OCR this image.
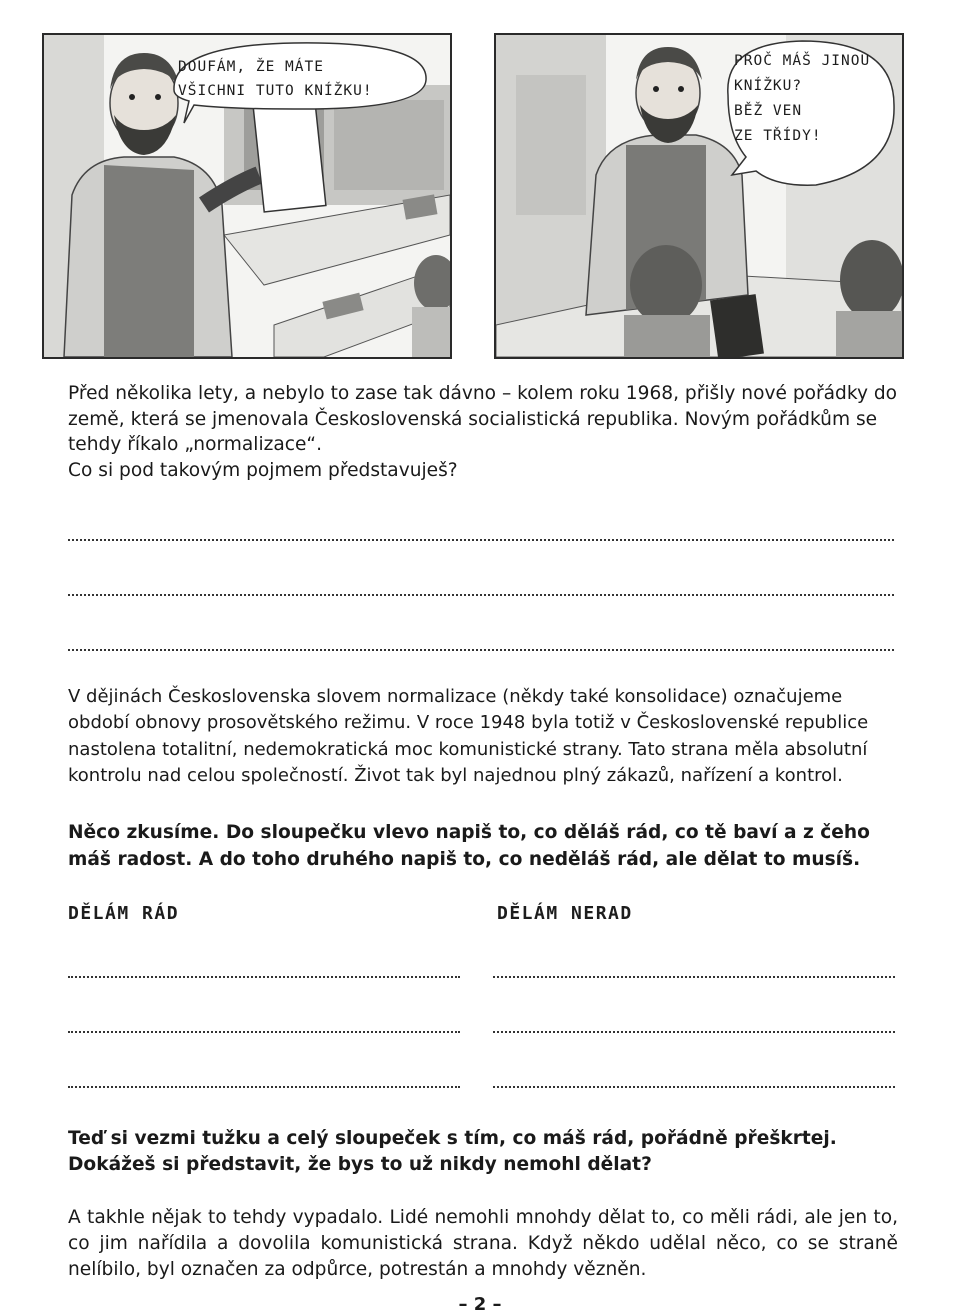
DOUFÁM, ŽE MÁTE
VŠICHNI TUTO KNÍŽKU!
PROČ MÁŠ JINOU
KNÍŽKU?
BĚŽ VEN
ZE TŘÍDY!

Před několika lety, a nebylo to zase tak dávno – kolem roku 1968, přišly nové pořádky do země, která se jmenovala Československá socialistická republika. Novým pořádkům se tehdy říkalo „normalizace“.

Co si pod takovým pojmem představuješ?

V dějinách Československa slovem normalizace (někdy také konsolidace) označujeme období obnovy prosovětského režimu. V roce 1948 byla totiž v Československé republice nastolena totalitní, nedemokratická moc komunistické strany. Tato strana měla absolutní kontrolu nad celou společností. Život tak byl najednou plný zákazů, nařízení a kontrol.

Něco zkusíme. Do sloupečku vlevo napiš to, co děláš rád, co tě baví a z čeho máš radost. A do toho druhého napiš to, co neděláš rád, ale dělat to musíš.

DĚLÁM RÁD	DĚLÁM NERAD
Teď si vezmi tužku a celý sloupeček s tím, co máš rád, pořádně přeškrtej.
Dokážeš si představit, že bys to už nikdy nemohl dělat?

A takhle nějak to tehdy vypadalo. Lidé nemohli mnohdy dělat to, co měli rádi, ale jen to, co jim nařídila a dovolila komunistická strana. Když někdo udělal něco, co se straně nelíbilo, byl označen za odpůrce, potrestán a mnohdy vězněn.

– 2 –
